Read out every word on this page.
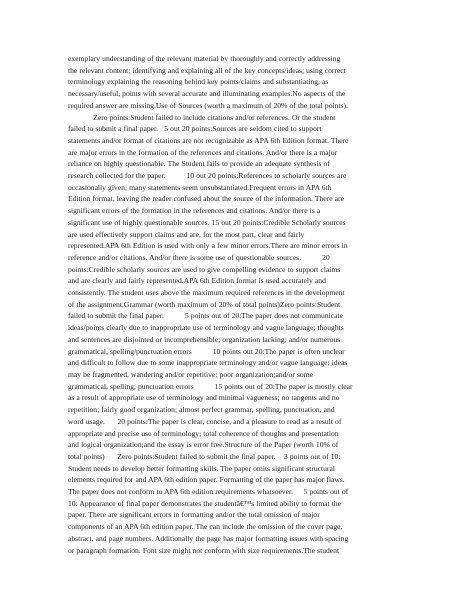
exemplary understanding of the relevant material by thoroughly and correctly addressing
the relevant content; identifying and explaining all of the key concepts/ideas; using correct
terminology explaining the reasoning behind key points/claims and substantiating, as
necessary/useful, points with several accurate and illuminating examples.No aspects of the
required answer are missing.Use of Sources (worth a maximum of 20% of the total points).
Zero points:Student failed to include citations and/or references. Or the student
failed to submit a final paper.   5 out 20 points:Sources are seldom cited to support
statements and/or format of citations are not recognizable as APA 6th Edition format. There
are major errors in the formation of the references and citations. And/or there is a major
reliance on highly questionable. The Student fails to provide an adequate synthesis of
research collected for the paper.          10 out 20 points:References to scholarly sources are
occasionally given; many statements seem unsubstantiated.Frequent errors in APA 6th
Edition format, leaving the reader confused about the source of the information. There are
significant errors of the formation in the references and citations. And/or there is a
significant use of highly questionable sources. 15 out 20 points:Credible Scholarly sources
are used effectively support claims and are, for the most part, clear and fairly
represented.APA 6th Edition is used with only a few minor errors.There are minor errors in
reference and/or citations. And/or there is some use of questionable sources.          20
points:Credible scholarly sources are used to give compelling evidence to support claims
and are clearly and fairly represented.APA 6th Edition format is used accurately and
consistently. The student uses above the maximum required references in the development
of the assignment.Grammar (worth maximum of 20% of total points)Zero points:Student
failed to submit the final paper.          5 points out of 20:The paper does not communicate
ideas/points clearly due to inappropriate use of terminology and vague language; thoughts
and sentences are disjointed or incomprehensible; organization lacking; and/or numerous
grammatical, spelling/punctuation errors          10 points out 20:The paper is often unclear
and difficult to follow due to some inappropriate terminology and/or vague language; ideas
may be fragmented, wandering and/or repetitive; poor organization;and/or some
grammatical, spelling, punctuation errors          15 points out of 20:The paper is mostly clear
as a result of appropriate use of terminology and minimal vagueness; no tangents and no
repetition; fairly good organization; almost perfect grammar, spelling, punctuation, and
word usage.      20 points:The paper is clear, concise, and a pleasure to read as a result of
appropriate and precise use of terminology; total coherence of thoughts and presentation
and logical organization;and the essay is error free.Structure of the Paper (worth 10% of
total points)      Zero points:Student failed to submit the final paper.    3 points out of 10:
Student needs to develop better formatting skills. The paper omits significant structural
elements required for and APA 6th edition paper. Formatting of the paper has major flaws.
The paper does not conform to APA 6th edition requirements whatsoever.     5 points out of
10: Appearance of final paper demonstrates the studentâ€™s limited ability to format the
paper. There are significant errors in formatting and/or the total omission of major
components of an APA 6th edition paper. The can include the omission of the cover page,
abstract, and page numbers. Additionally the page has major formatting issues with spacing
or paragraph formation. Font size might not conform with size requirements.The student
